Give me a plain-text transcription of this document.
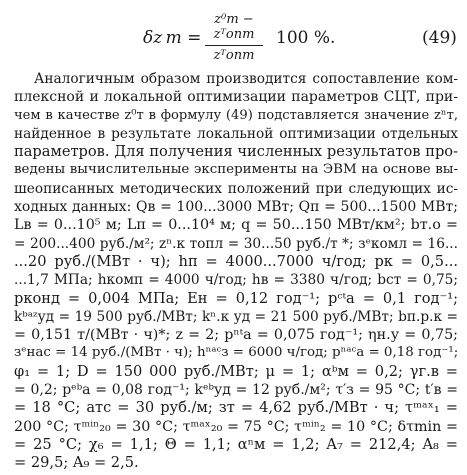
δz т =
z⁰т − zᵀопт
zᵀопт
100 %.	(49)
Аналогичным образом производится сопоставление ком-
плексной и локальной оптимизации параметров СЦТ, при-
чем в качестве z⁰т в формулу (49) подставляется значение zⁿт,
найденное в результате локальной оптимизации отдельных
параметров. Для получения численных результатов про-
ведены вычислительные эксперименты на ЭВМ на основе вы-
шеописанных методических положений при следующих ис-
ходных данных: Qв = 100...3000 МВт; Qп = 500...1500 МВт;
Lв = 0...10⁵ м; Lп = 0...10⁴ м; q = 50...150 МВт/км²; bт.о =
= 200...400 руб./м²; zⁿ.к топл = 30...50 руб./т *; зᵉкомл = 16...
...20 руб./(МВт · ч); hп = 4000...7000 ч/год; pк = 0,5...
...1,7 МПа; hкомп = 4000 ч/год; hв = 3380 ч/год; bст = 0,75;
pконд = 0,004 МПа; Eн = 0,12 год⁻¹; pᶜᵗа = 0,1 год⁻¹;
kᵇᵃᶻуд = 19 500 руб./МВт; kⁿ.к уд = 21 500 руб./МВт; bп.р.к =
= 0,151 т/(МВт · ч)*; z = 2; pⁿᵗа = 0,075 год⁻¹; ηн.у = 0,75;
зᵉнас = 14 руб./(МВт · ч); hⁿᵃᶜз = 6000 ч/год; pⁿᵃᶜа = 0,18 год⁻¹;
φ₁ = 1; D = 150 000 руб./МВт; μ = 1; αᵇм = 0,2; γг.в =
= 0,2; pᵉᵇа = 0,08 год⁻¹; kᵉᵇуд = 12 руб./м²; τ′з = 95 °С; t′в =
= 18 °С; aтс = 30 руб./м; зт = 4,62 руб./МВт · ч; τᵐᵃˣ₁ =
200 °С; τᵐⁱⁿ₂₀ = 30 °С; τᵐᵃˣ₂₀ = 75 °С; τᵐⁱⁿ₂ = 10 °С; δτmin =
= 25 °С; χ₆ = 1,1; Θ = 1,1; αⁿм = 1,2; A₇ = 212,4; A₈ =
= 29,5; A₉ = 2,5.
